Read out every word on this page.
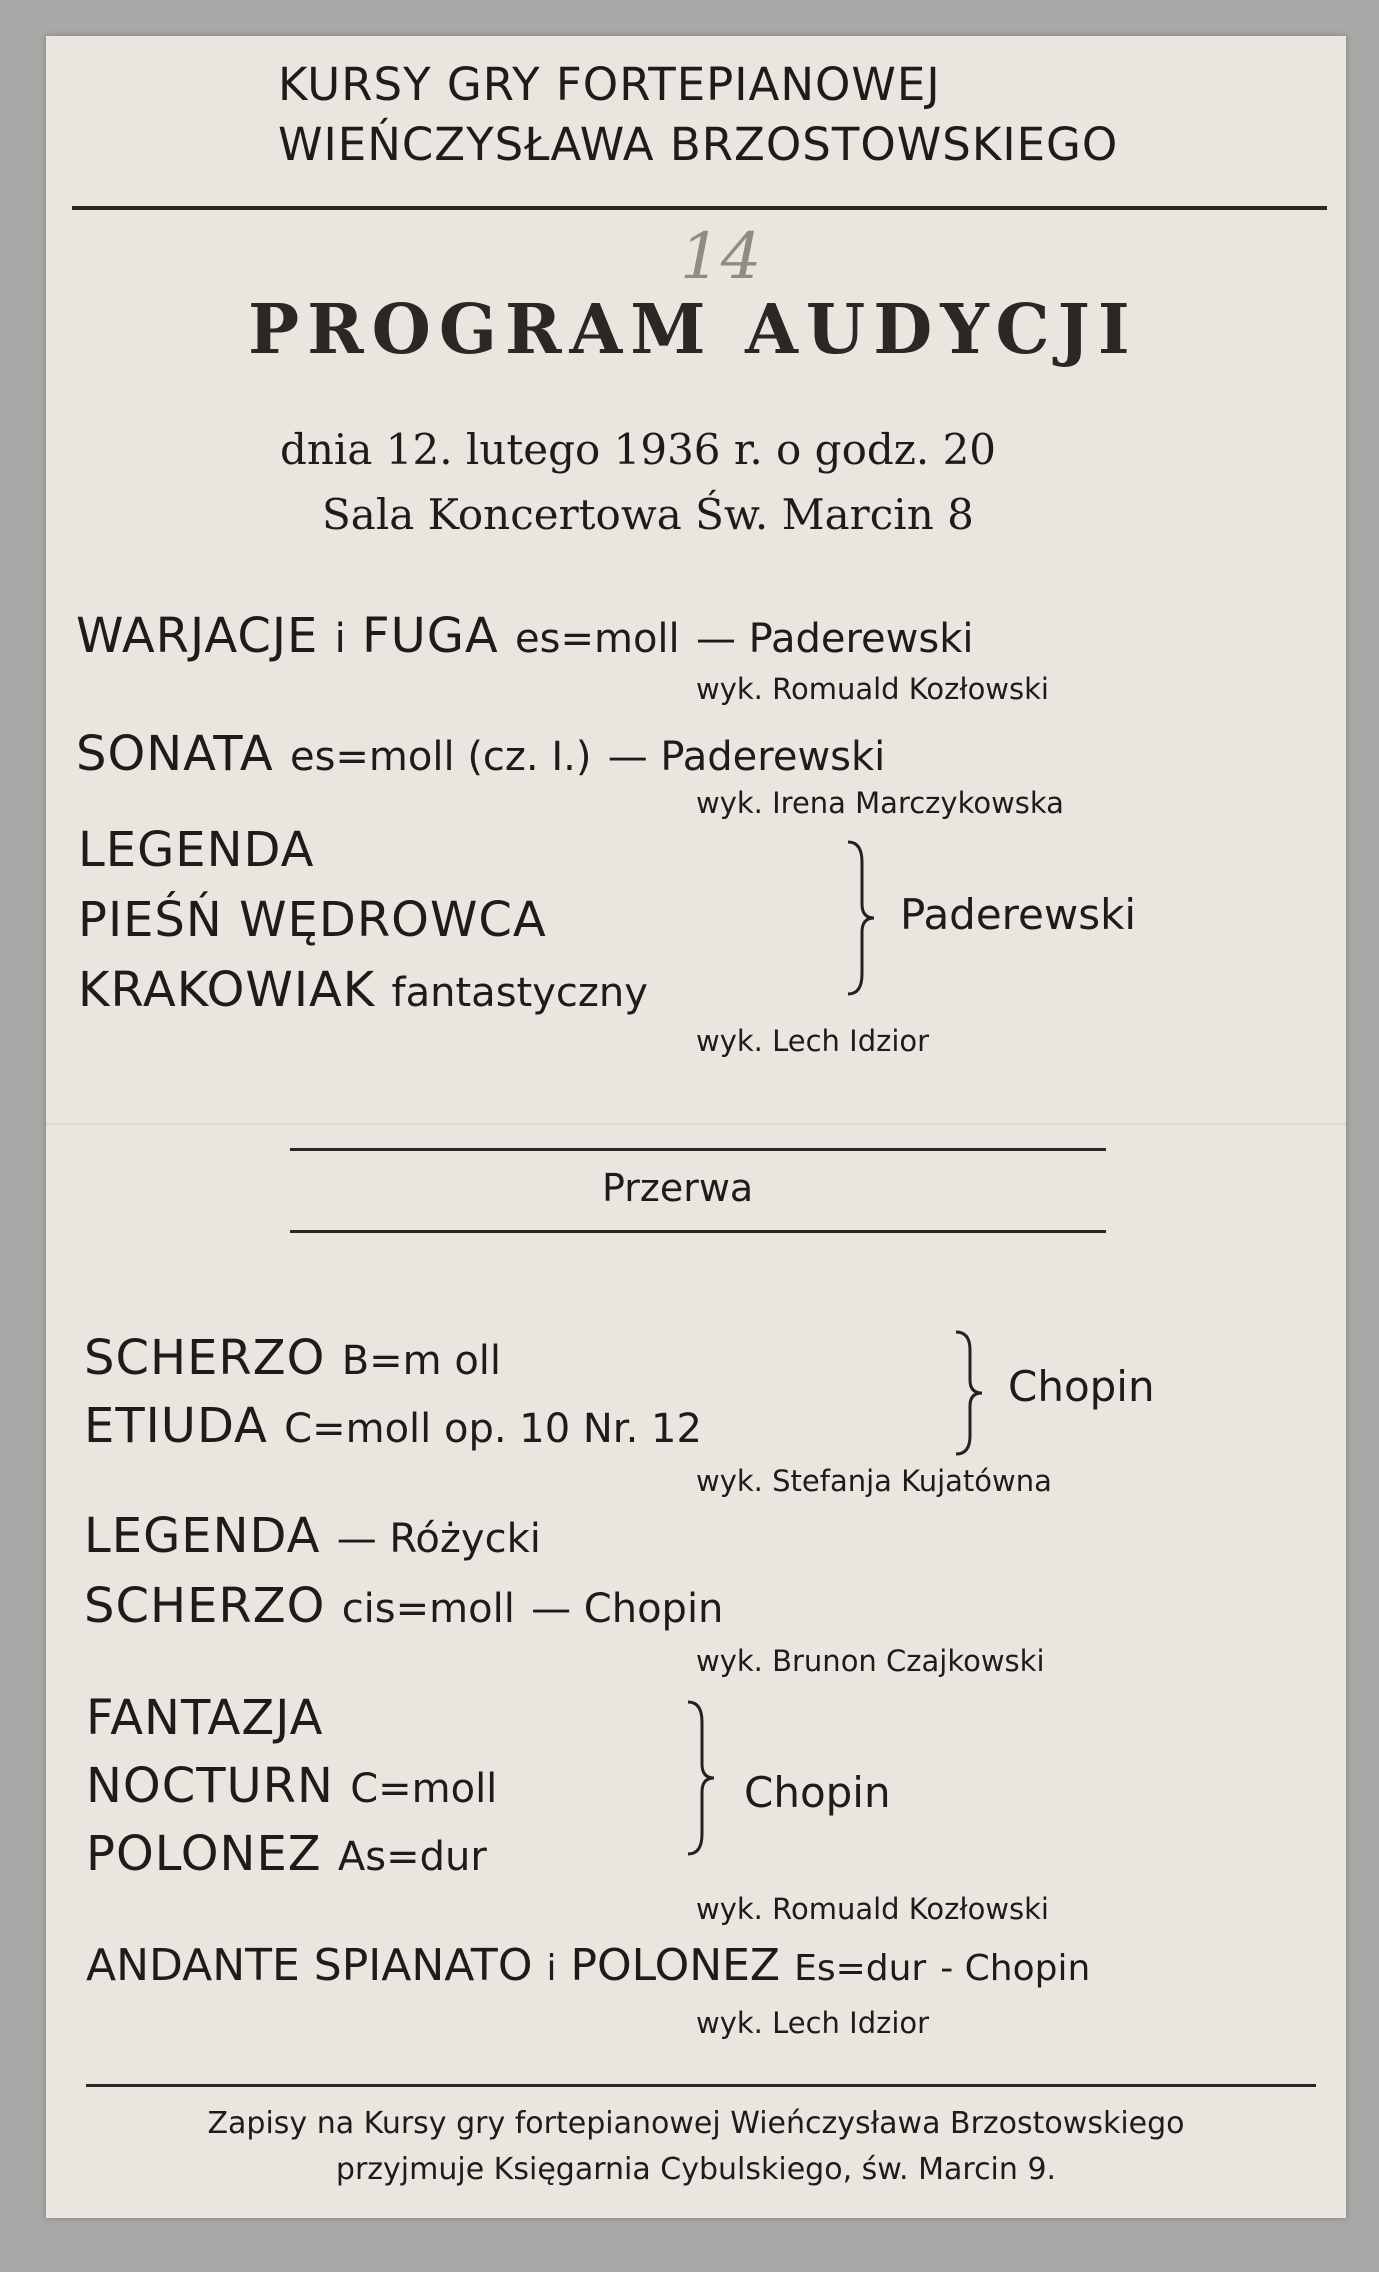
KURSY GRY FORTEPIANOWEJ
WIEŃCZYSŁAWA BRZOSTOWSKIEGO
14
PROGRAM AUDYCJI
dnia 12. lutego 1936 r. o godz. 20
Sala Koncertowa Św. Marcin 8
WARJACJE i FUGA es=moll — Paderewski
wyk. Romuald Kozłowski
SONATA es=moll (cz. I.) — Paderewski
wyk. Irena Marczykowska
LEGENDA
PIEŚŃ WĘDROWCA
KRAKOWIAK fantastyczny
Paderewski
wyk. Lech Idzior
Przerwa
SCHERZO B=m oll
ETIUDA C=moll op. 10 Nr. 12
Chopin
wyk. Stefanja Kujatówna
LEGENDA — Różycki
SCHERZO cis=moll — Chopin
wyk. Brunon Czajkowski
FANTAZJA
NOCTURN C=moll
POLONEZ As=dur
Chopin
wyk. Romuald Kozłowski
ANDANTE SPIANATO i POLONEZ Es=dur - Chopin
wyk. Lech Idzior
Zapisy na Kursy gry fortepianowej Wieńczysława Brzostowskiego
przyjmuje Księgarnia Cybulskiego, św. Marcin 9.
